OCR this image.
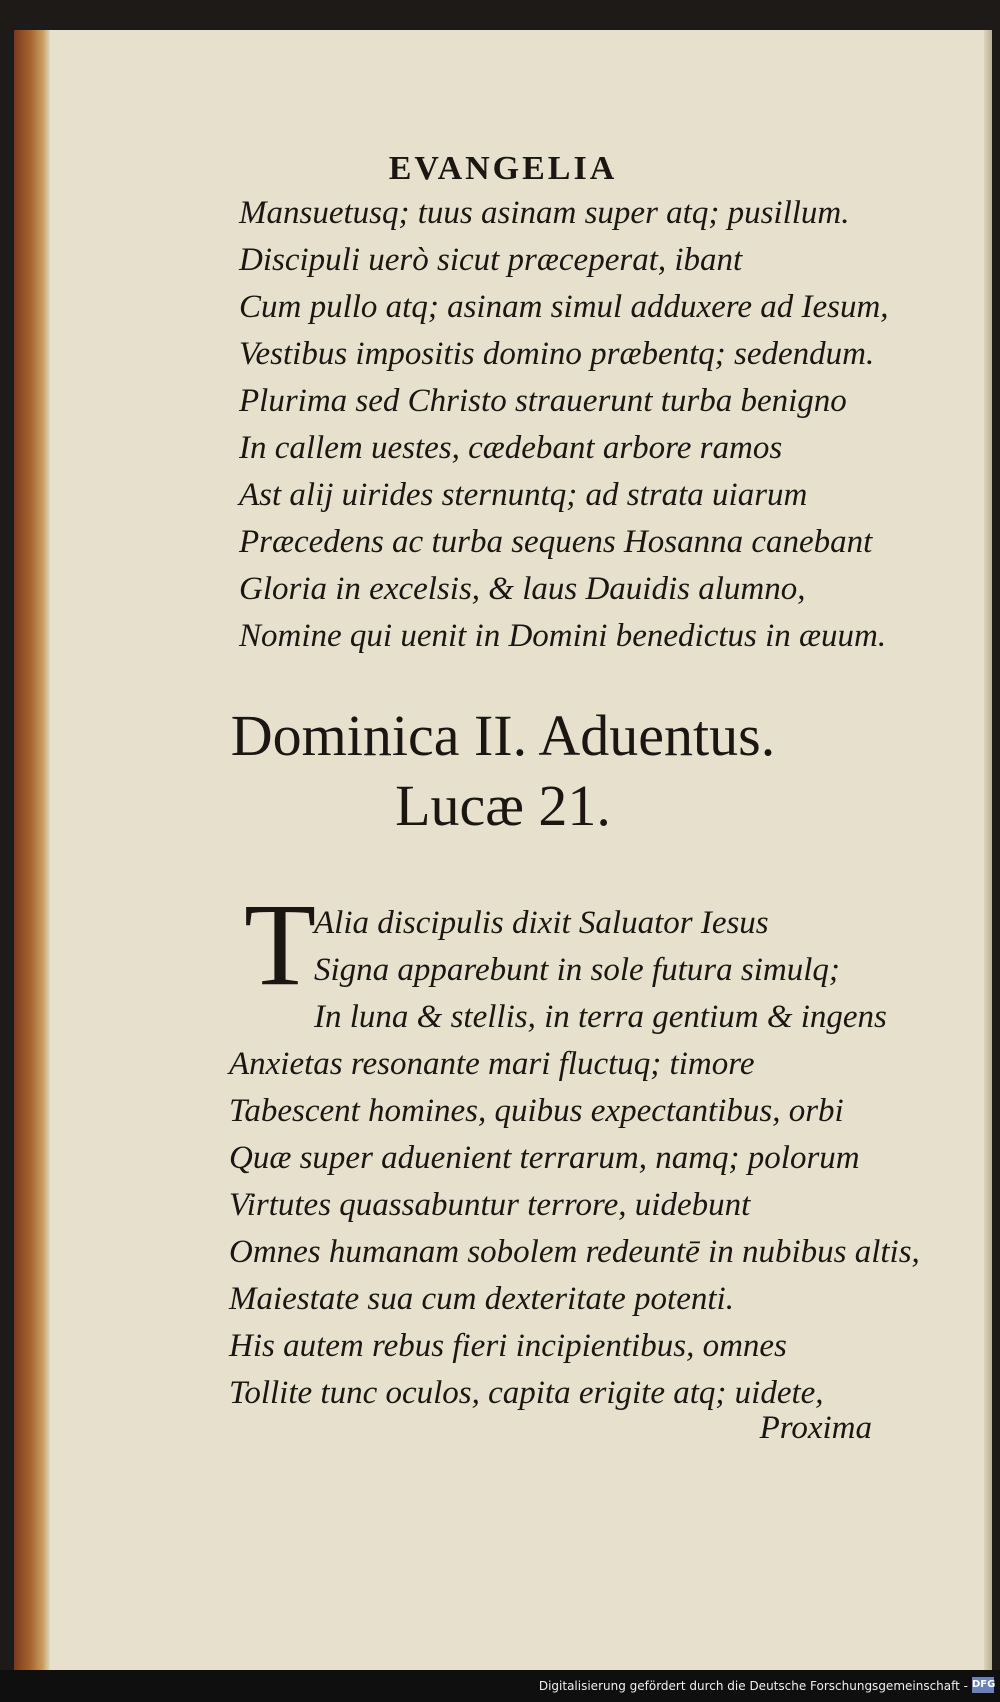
EVANGELIA
Mansuetusq; tuus asinam super atq; pusillum.
Discipuli uerò sicut præceperat, ibant
Cum pullo atq; asinam simul adduxere ad Iesum,
Vestibus impositis domino præbentq; sedendum.
Plurima sed Christo strauerunt turba benigno
In callem uestes, cædebant arbore ramos
Ast alij uirides sternuntq; ad strata uiarum
Præcedens ac turba sequens Hosanna canebant
Gloria in excelsis, & laus Dauidis alumno,
Nomine qui uenit in Domini benedictus in æuum.
Dominica II. Aduentus.
Lucæ 21.
T
Alia discipulis dixit Saluator Iesus
Signa apparebunt in sole futura simulq;
In luna & stellis, in terra gentium & ingens
Anxietas resonante mari fluctuq; timore
Tabescent homines, quibus expectantibus, orbi
Quæ super aduenient terrarum, namq; polorum
Virtutes quassabuntur terrore, uidebunt
Omnes humanam sobolem redeuntē in nubibus altis,
Maiestate sua cum dexteritate potenti.
His autem rebus fieri incipientibus, omnes
Tollite tunc oculos, capita erigite atq; uidete,
Proxima
Digitalisierung gefördert durch die Deutsche Forschungsgemeinschaft - DFG
